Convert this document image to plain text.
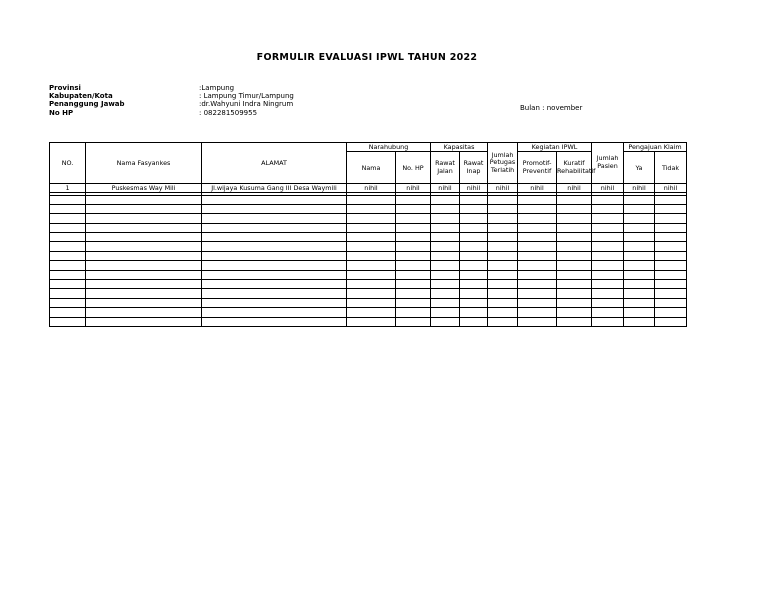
FORMULIR EVALUASI IPWL TAHUN 2022
Provinsi	:Lampung
Kabupaten/Kota	: Lampung Timur/Lampung
Penanggung Jawab	:dr.Wahyuni Indra Ningrum
No HP	: 082281509955
Bulan : november
NO.	Nama Fasyankes	ALAMAT	Narahubung		Kapasitas		Jumlah Petugas Terlatih	Kegiatan IPWL		Jumlah Pasien	Pengajuan Klaim	
			Nama	No. HP	Rawat Jalan	Rawat Inap		Promotif-Preventif	Kuratif Rehabilitatif		Ya	Tidak
1	Puskesmas Way Mili	Jl.wijaya Kusuma Gang III Desa Waymili	nihil	nihil	nihil	nihil	nihil	nihil	nihil	nihil	nihil	nihil
